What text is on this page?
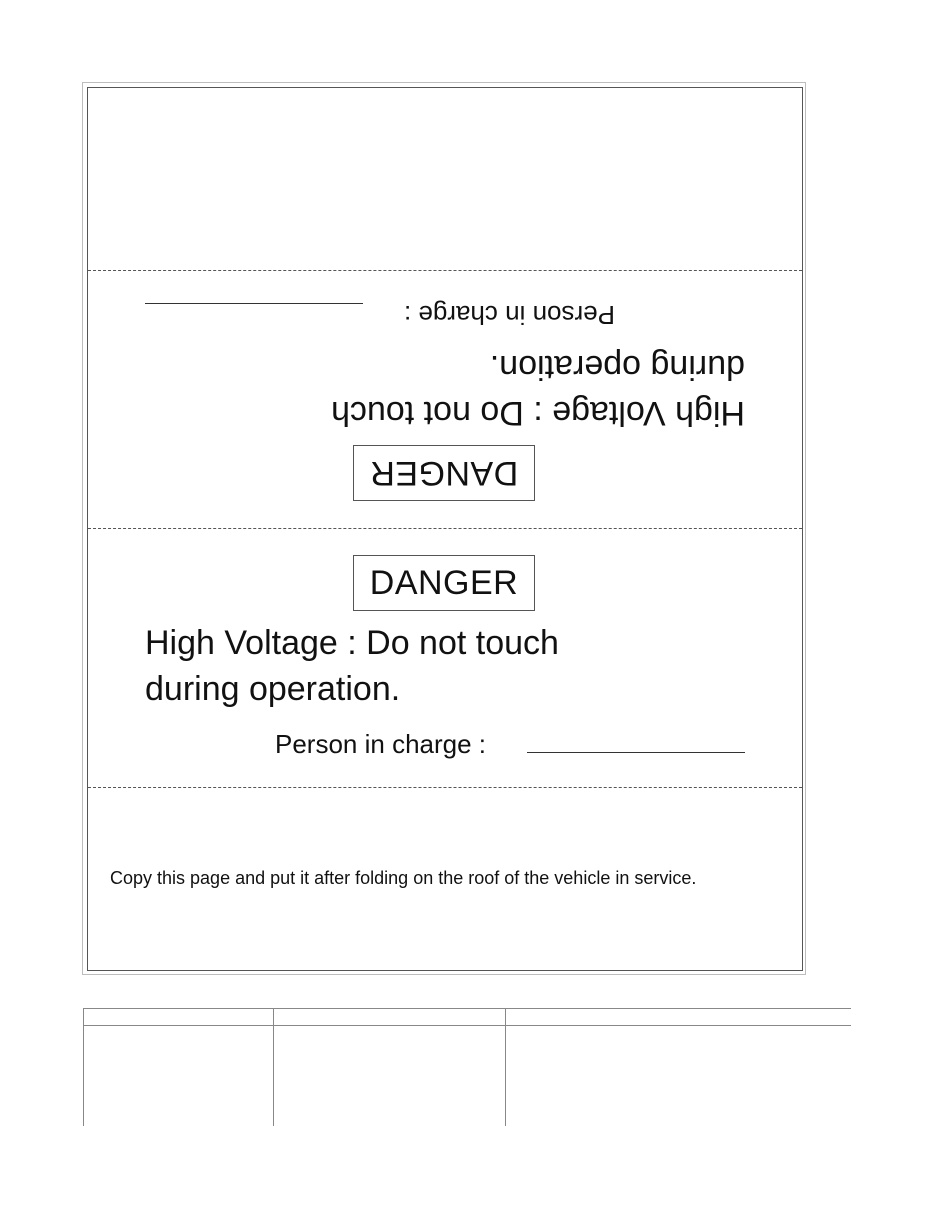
DANGER
High Voltage : Do not touch
during operation.
Person in charge :
DANGER
High Voltage : Do not touch
during operation.
Person in charge :
Copy this page and put it after folding on the roof of the vehicle in service.
